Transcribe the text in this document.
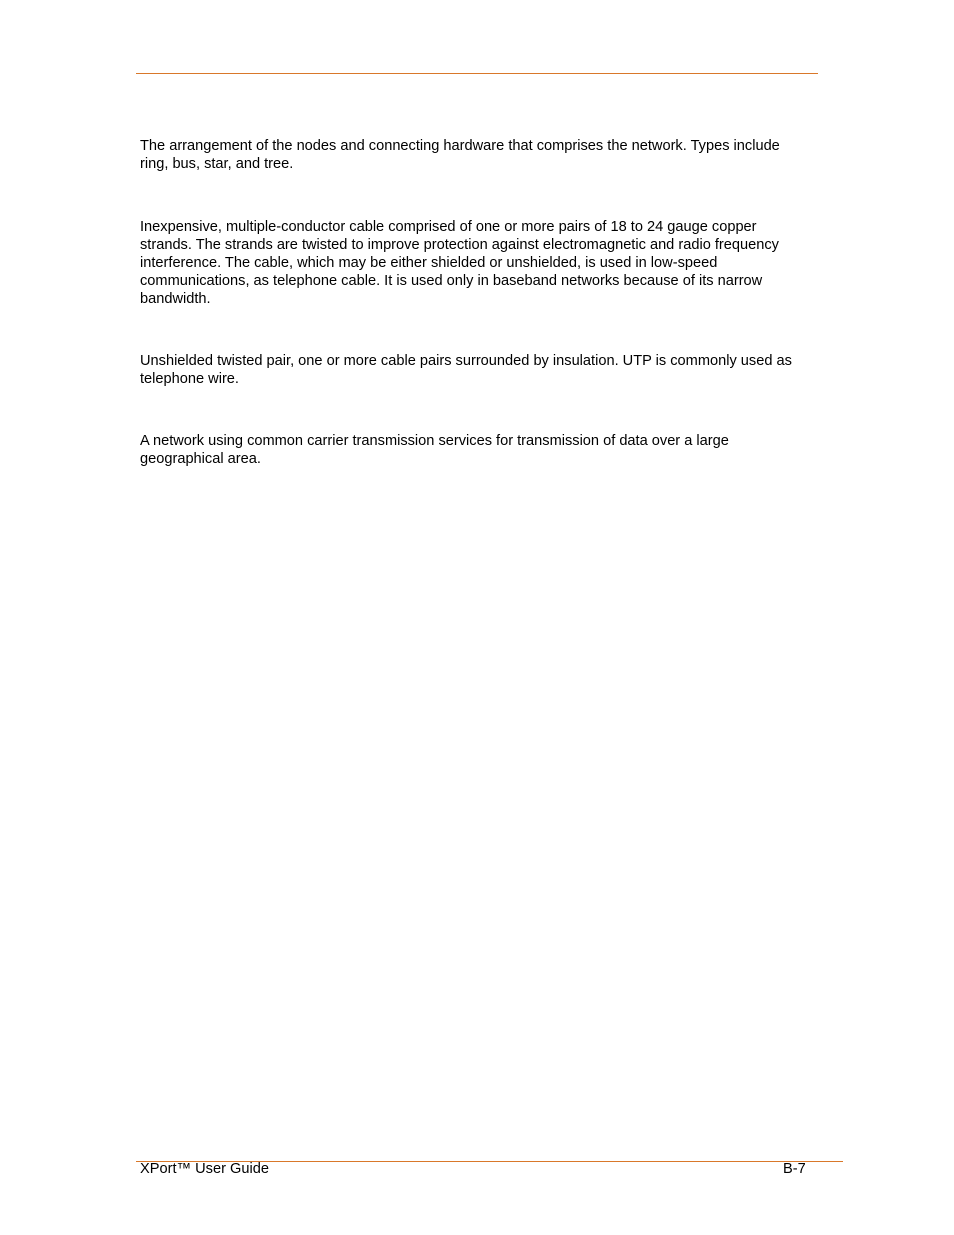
The arrangement of the nodes and connecting hardware that comprises the network. Types include ring, bus, star, and tree.

Inexpensive, multiple-conductor cable comprised of one or more pairs of 18 to 24 gauge copper strands. The strands are twisted to improve protection against electromagnetic and radio frequency interference. The cable, which may be either shielded or unshielded, is used in low-speed communications, as telephone cable. It is used only in baseband networks because of its narrow bandwidth.

Unshielded twisted pair, one or more cable pairs surrounded by insulation. UTP is commonly used as telephone wire.

A network using common carrier transmission services for transmission of data over a large geographical area.

XPort™ User Guide	B-7
